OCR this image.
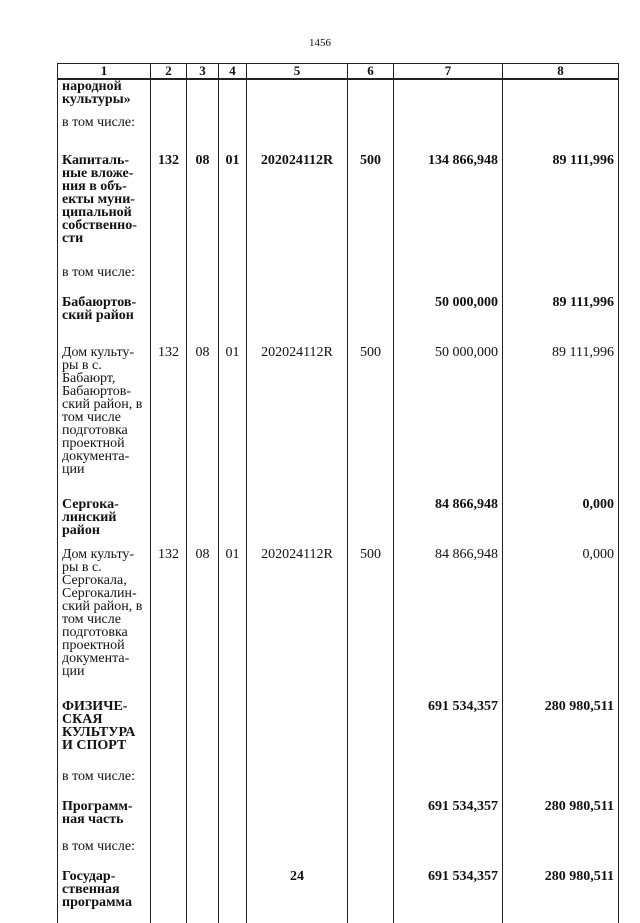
1456
1	2	3	4	5	6	7	8
народной культуры»							
в том числе:							
Капиталь-ные вложе-ния в объ-екты муни-ципальной собственно-сти	132	08	01	202024112R	500	134 866,948	89 111,996
в том числе:							
Бабаюртов-ский район						50 000,000	89 111,996
Дом культу-ры в с. Бабаюрт, Бабаюртов-ский район, в том числе подготовка проектной документа-ции	132	08	01	202024112R	500	50 000,000	89 111,996
Сергока-линский район						84 866,948	0,000
Дом культу-ры в с. Сергокала, Сергокалин-ский район, в том числе подготовка проектной документа-ции	132	08	01	202024112R	500	84 866,948	0,000
ФИЗИЧЕ-СКАЯ КУЛЬТУРА И СПОРТ						691 534,357	280 980,511
в том числе:							
Программ-ная часть						691 534,357	280 980,511
в том числе:							
Государ-ственная программа				24		691 534,357	280 980,511
